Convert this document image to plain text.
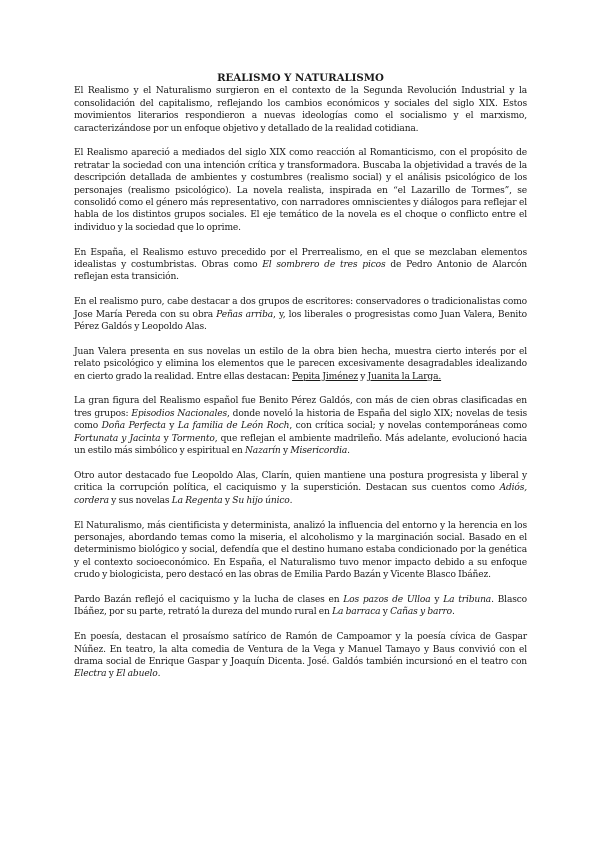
REALISMO Y NATURALISMO

El Realismo y el Naturalismo surgieron en el contexto de la Segunda Revolución Industrial y la consolidación del capitalismo, reflejando los cambios económicos y sociales del siglo XIX. Estos movimientos literarios respondieron a nuevas ideologías como el socialismo y el marxismo, caracterizándose por un enfoque objetivo y detallado de la realidad cotidiana.

El Realismo apareció a mediados del siglo XIX como reacción al Romanticismo, con el propósito de retratar la sociedad con una intención crítica y transformadora. Buscaba la objetividad a través de la descripción detallada de ambientes y costumbres (realismo social) y el análisis psicológico de los personajes (realismo psicológico). La novela realista, inspirada en “el Lazarillo de Tormes”, se consolidó como el género más representativo, con narradores omniscientes y diálogos para reflejar el habla de los distintos grupos sociales. El eje temático de la novela es el choque o conflicto entre el individuo y la sociedad que lo oprime.

En España, el Realismo estuvo precedido por el Prerrealismo, en el que se mezclaban elementos idealistas y costumbristas. Obras como El sombrero de tres picos de Pedro Antonio de Alarcón reflejan esta transición.

En el realismo puro, cabe destacar a dos grupos de escritores: conservadores o tradicionalistas como Jose María Pereda con su obra Peñas arriba, y, los liberales o progresistas como Juan Valera, Benito Pérez Galdós y Leopoldo Alas.

Juan Valera presenta en sus novelas un estilo de la obra bien hecha, muestra cierto interés por el relato psicológico y elimina los elementos que le parecen excesivamente desagradables idealizando en cierto grado la realidad. Entre ellas destacan: Pepita Jiménez y Juanita la Larga.

La gran figura del Realismo español fue Benito Pérez Galdós, con más de cien obras clasificadas en tres grupos: Episodios Nacionales, donde novelό la historia de España del siglo XIX; novelas de tesis como Doña Perfecta y La familia de León Roch, con crítica social; y novelas contemporáneas como Fortunata y Jacinta y Tormento, que reflejan el ambiente madrileño. Más adelante, evolucionó hacia un estilo más simbólico y espiritual en Nazarín y Misericordia.

Otro autor destacado fue Leopoldo Alas, Clarín, quien mantiene una postura progresista y liberal y critica la corrupción política, el caciquismo y la superstición. Destacan sus cuentos como Adiós, cordera y sus novelas La Regenta y Su hijo único.

El Naturalismo, más cientificista y determinista, analizó la influencia del entorno y la herencia en los personajes, abordando temas como la miseria, el alcoholismo y la marginación social. Basado en el determinismo biológico y social, defendía que el destino humano estaba condicionado por la genética y el contexto socioeconómico. En España, el Naturalismo tuvo menor impacto debido a su enfoque crudo y biologicista, pero destacó en las obras de Emilia Pardo Bazán y Vicente Blasco Ibáñez.

Pardo Bazán reflejó el caciquismo y la lucha de clases en Los pazos de Ulloa y La tribuna. Blasco Ibáñez, por su parte, retrató la dureza del mundo rural en La barraca y Cañas y barro.

En poesía, destacan el prosaísmo satírico de Ramón de Campoamor y la poesía cívica de Gaspar Núñez. En teatro, la alta comedia de Ventura de la Vega y Manuel Tamayo y Baus convivió con el drama social de Enrique Gaspar y Joaquín Dicenta. José. Galdós también incursionó en el teatro con Electra y El abuelo.
